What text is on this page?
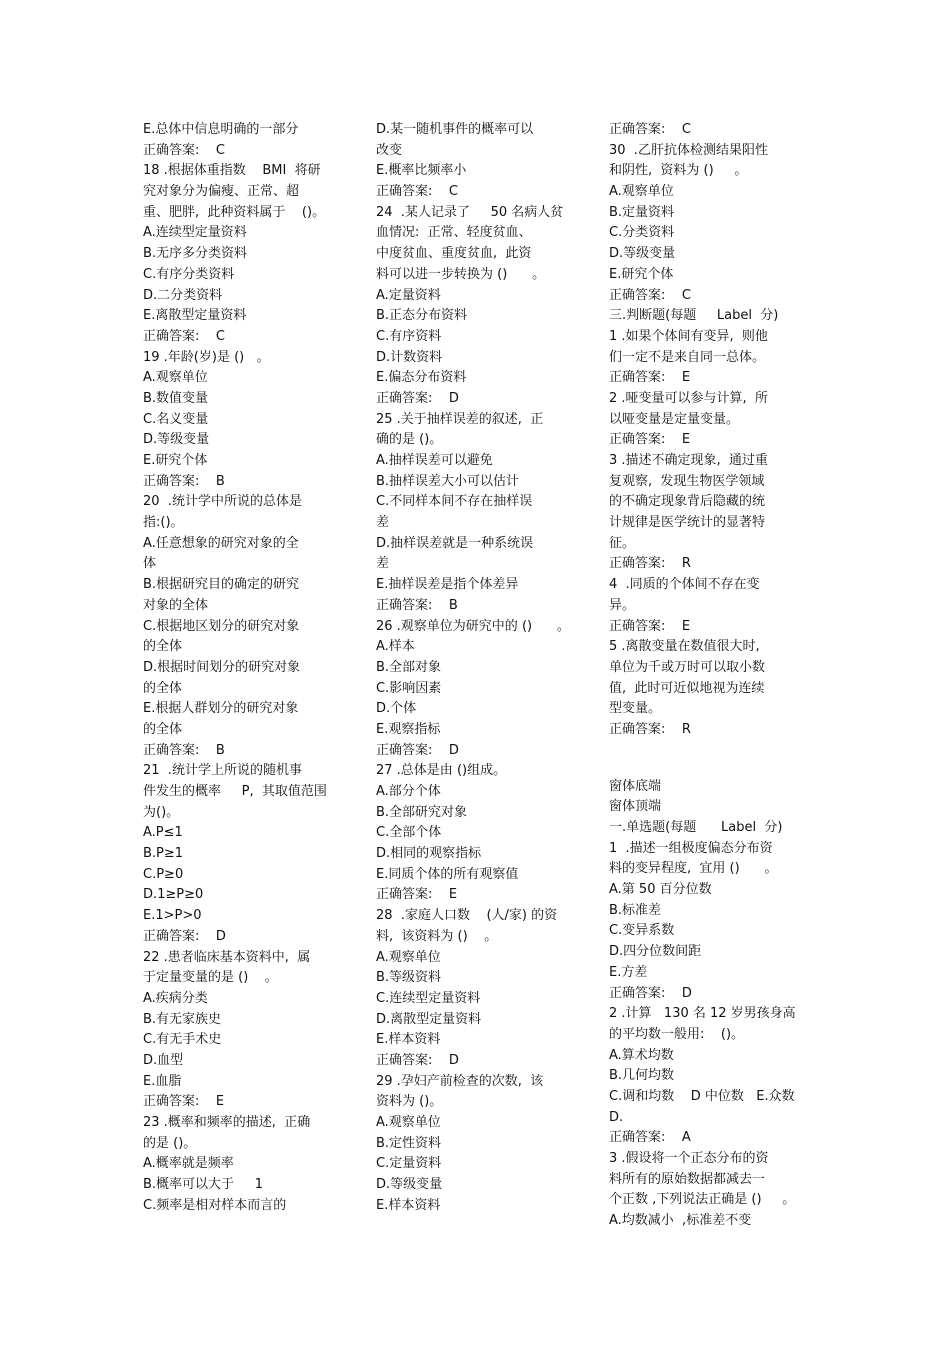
E.总体中信息明确的一部分
正确答案:    C
18 .根据体重指数    BMI  将研
究对象分为偏瘦、正常、超
重、肥胖,  此种资料属于    ()。
A.连续型定量资料
B.无序多分类资料
C.有序分类资料
D.二分类资料
E.离散型定量资料
正确答案:    C
19 .年龄(岁)是 ()   。
A.观察单位
B.数值变量
C.名义变量
D.等级变量
E.研究个体
正确答案:    B
20  .统计学中所说的总体是
指:()。
A.任意想象的研究对象的全
体
B.根据研究目的确定的研究
对象的全体
C.根据地区划分的研究对象
的全体
D.根据时间划分的研究对象
的全体
E.根据人群划分的研究对象
的全体
正确答案:    B
21  .统计学上所说的随机事
件发生的概率     P,  其取值范围
为()。
A.P≤1
B.P≥1
C.P≥0
D.1≥P≥0
E.1>P>0
正确答案:    D
22 .患者临床基本资料中,  属
于定量变量的是 ()    。
A.疾病分类
B.有无家族史
C.有无手术史
D.血型
E.血脂
正确答案:    E
23 .概率和频率的描述,  正确
的是 ()。
A.概率就是频率
B.概率可以大于     1
C.频率是相对样本而言的
D.某一随机事件的概率可以
改变
E.概率比频率小
正确答案:    C
24  .某人记录了     50 名病人贫
血情况:  正常、轻度贫血、
中度贫血、重度贫血,  此资
料可以进一步转换为 ()      。
A.定量资料
B.正态分布资料
C.有序资料
D.计数资料
E.偏态分布资料
正确答案:    D
25 .关于抽样误差的叙述,  正
确的是 ()。
A.抽样误差可以避免
B.抽样误差大小可以估计
C.不同样本间不存在抽样误
差
D.抽样误差就是一种系统误
差
E.抽样误差是指个体差异
正确答案:    B
26 .观察单位为研究中的 ()      。
A.样本
B.全部对象
C.影响因素
D.个体
E.观察指标
正确答案:    D
27 .总体是由 ()组成。
A.部分个体
B.全部研究对象
C.全部个体
D.相同的观察指标
E.同质个体的所有观察值
正确答案:    E
28  .家庭人口数    (人/家) 的资
料,  该资料为 ()    。
A.观察单位
B.等级资料
C.连续型定量资料
D.离散型定量资料
E.样本资料
正确答案:    D
29 .孕妇产前检查的次数,  该
资料为 ()。
A.观察单位
B.定性资料
C.定量资料
D.等级变量
E.样本资料
正确答案:    C
30  .乙肝抗体检测结果阳性
和阴性,  资料为 ()     。
A.观察单位
B.定量资料
C.分类资料
D.等级变量
E.研究个体
正确答案:    C
三.判断题(每题     Label  分)
1 .如果个体间有变异,  则他
们一定不是来自同一总体。
正确答案:    E
2 .哑变量可以参与计算,  所
以哑变量是定量变量。
正确答案:    E
3 .描述不确定现象,  通过重
复观察,  发现生物医学领域
的不确定现象背后隐藏的统
计规律是医学统计的显著特
征。
正确答案:    R
4  .同质的个体间不存在变
异。
正确答案:    E
5 .离散变量在数值很大时,
单位为千或万时可以取小数
值,  此时可近似地视为连续
型变量。
正确答案:    R
窗体底端
窗体顶端
一.单选题(每题      Label  分)
1  .描述一组极度偏态分布资
料的变异程度,  宜用 ()      。
A.第 50 百分位数
B.标准差
C.变异系数
D.四分位数间距
E.方差
正确答案:    D
2 .计算   130 名 12 岁男孩身高
的平均数一般用:    ()。
A.算术均数
B.几何均数
C.调和均数    D 中位数   E.众数
D.
正确答案:    A
3 .假设将一个正态分布的资
料所有的原始数据都减去一
个正数 ,下列说法正确是 ()     。
A.均数减小  ,标准差不变
